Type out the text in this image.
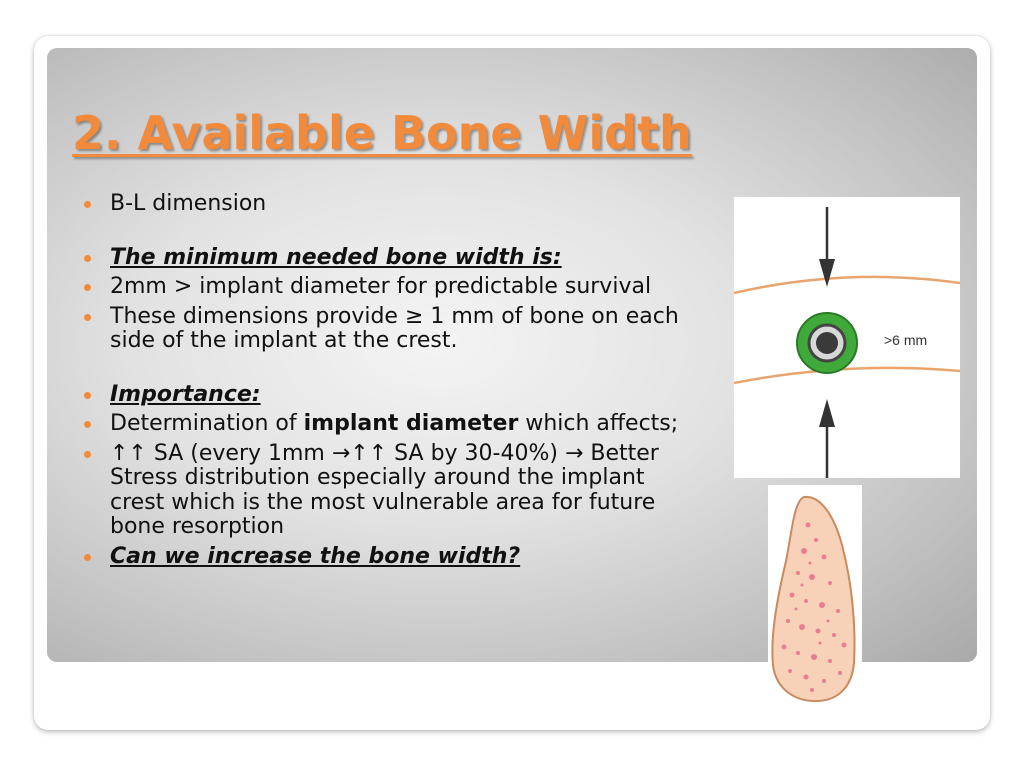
2. Available Bone Width
B-L dimension
The minimum needed bone width is:
2mm > implant diameter for predictable survival
These dimensions provide ≥ 1 mm of bone on each side of the implant at the crest.
Importance:
Determination of implant diameter which affects;
↑↑ SA (every 1mm →↑↑ SA by 30-40%) → Better Stress distribution especially around the implant crest which is the most vulnerable area for future bone resorption
Can we increase the bone width?
>6 mm
